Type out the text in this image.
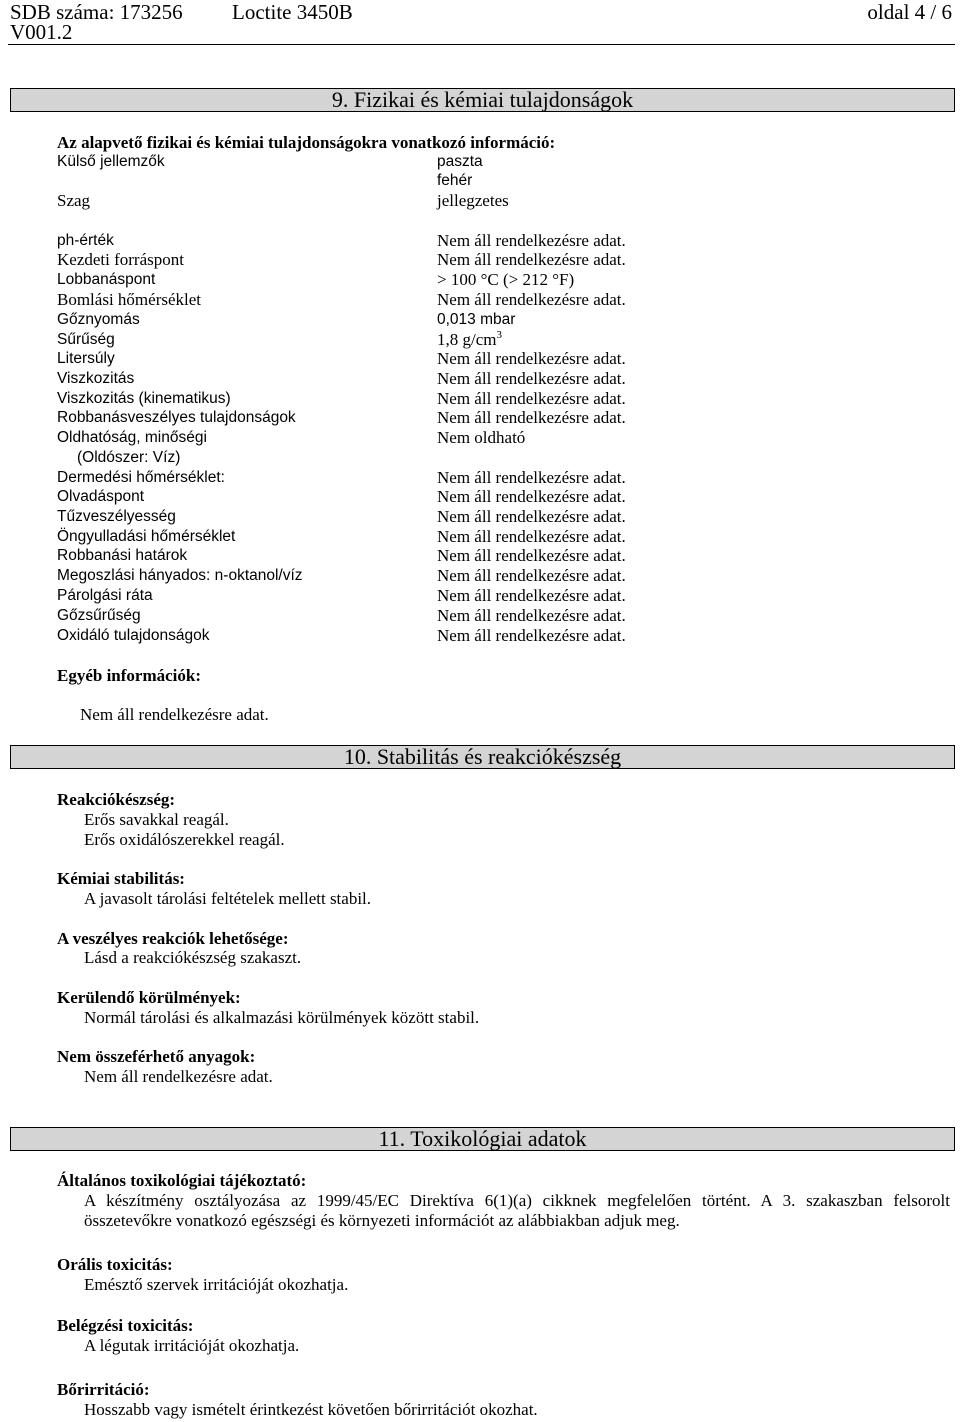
SDB száma: 173256 Loctite 3450B	oldal 4 / 6
V001.2
9. Fizikai és kémiai tulajdonságok
Az alapvető fizikai és kémiai tulajdonságokra vonatkozó információ:
Külső jellemzők	paszta
fehér
Szag	jellegzetes
ph-érték	Nem áll rendelkezésre adat.
Kezdeti forráspont	Nem áll rendelkezésre adat.
Lobbanáspont	> 100 °C (> 212 °F)
Bomlási hőmérséklet	Nem áll rendelkezésre adat.
Gőznyomás	0,013 mbar
Sűrűség	1,8 $g/cm^3$
Litersúly	Nem áll rendelkezésre adat.
Viszkozitás	Nem áll rendelkezésre adat.
Viszkozitás (kinematikus)	Nem áll rendelkezésre adat.
Robbanásveszélyes tulajdonságok	Nem áll rendelkezésre adat.
Oldhatóság, minőségi	Nem oldható
(Oldószer: Víz)
Dermedési hőmérséklet:	Nem áll rendelkezésre adat.
Olvadáspont	Nem áll rendelkezésre adat.
Tűzveszélyesség	Nem áll rendelkezésre adat.
Öngyulladási hőmérséklet	Nem áll rendelkezésre adat.
Robbanási határok	Nem áll rendelkezésre adat.
Megoszlási hányados: n-oktanol/víz	Nem áll rendelkezésre adat.
Párolgási ráta	Nem áll rendelkezésre adat.
Gőzsűrűség	Nem áll rendelkezésre adat.
Oxidáló tulajdonságok	Nem áll rendelkezésre adat.
Egyéb információk:
Nem áll rendelkezésre adat.
10. Stabilitás és reakciókészség
Reakciókészség:
Erős savakkal reagál.
Erős oxidálószerekkel reagál.
Kémiai stabilitás:
A javasolt tárolási feltételek mellett stabil.
A veszélyes reakciók lehetősége:
Lásd a reakciókészség szakaszt.
Kerülendő körülmények:
Normál tárolási és alkalmazási körülmények között stabil.
Nem összeférhető anyagok:
Nem áll rendelkezésre adat.
11. Toxikológiai adatok
Általános toxikológiai tájékoztató:
A készítmény osztályozása az 1999/45/EC Direktíva 6(1)(a) cikknek megfelelően történt. A 3. szakaszban felsorolt
összetevőkre vonatkozó egészségi és környezeti információt az alábbiakban adjuk meg.
Orális toxicitás:
Emésztő szervek irritációját okozhatja.
Belégzési toxicitás:
A légutak irritációját okozhatja.
Bőrirritáció:
Hosszabb vagy ismételt érintkezést követően bőrirritációt okozhat.
